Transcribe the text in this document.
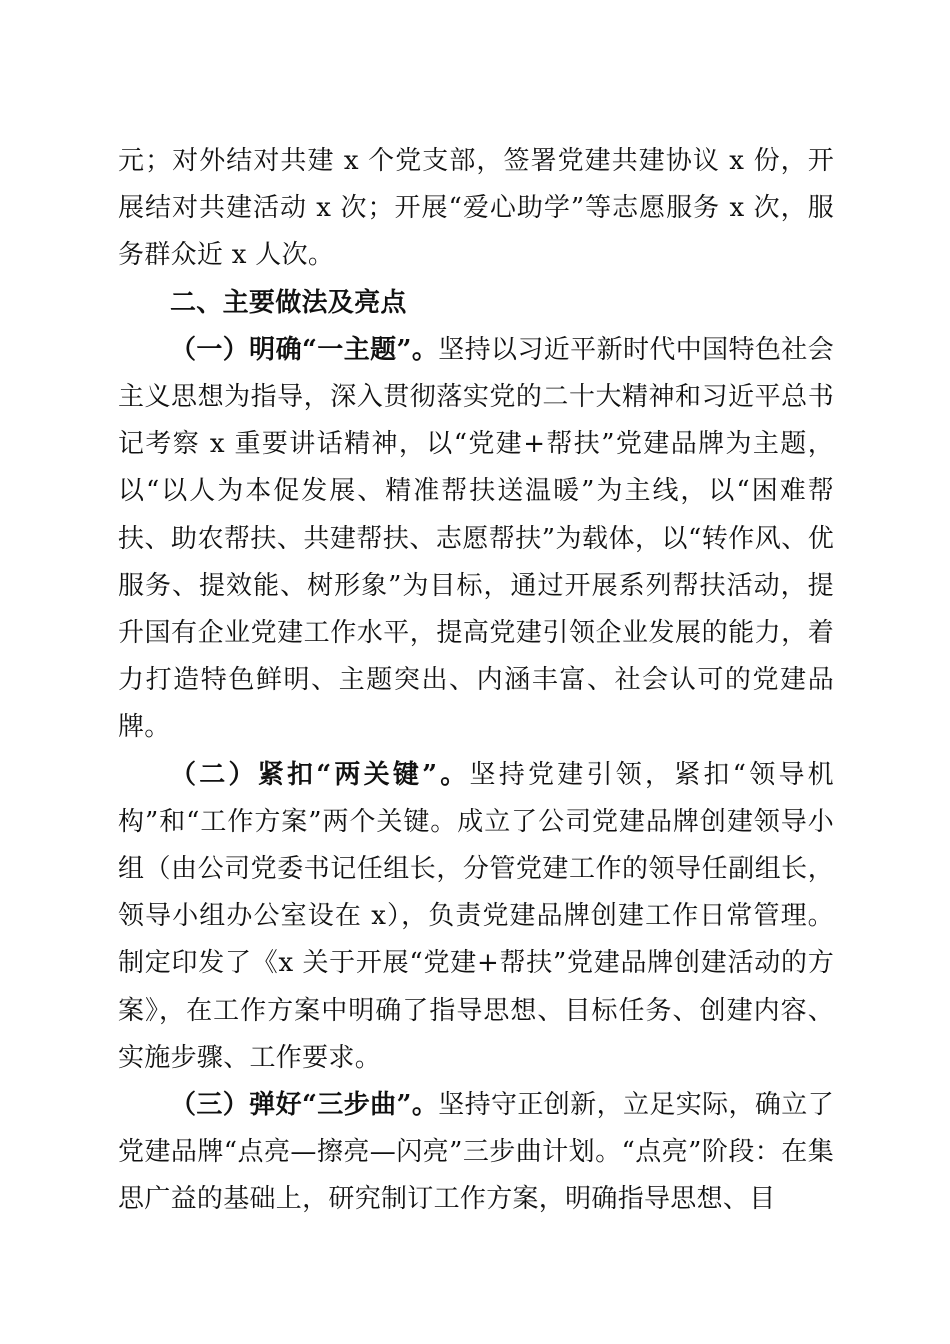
元；对外结对共建 x 个党支部，签署党建共建协议 x 份，开展结对共建活动 x 次；开展“爱心助学”等志愿服务 x 次，服务群众近 x 人次。

二、主要做法及亮点

（一）明确“一主题”。坚持以习近平新时代中国特色社会主义思想为指导，深入贯彻落实党的二十大精神和习近平总书记考察 x 重要讲话精神，以“党建+帮扶”党建品牌为主题，以“以人为本促发展、精准帮扶送温暖”为主线，以“困难帮扶、助农帮扶、共建帮扶、志愿帮扶”为载体，以“转作风、优服务、提效能、树形象”为目标，通过开展系列帮扶活动，提升国有企业党建工作水平，提高党建引领企业发展的能力，着力打造特色鲜明、主题突出、内涵丰富、社会认可的党建品牌。

（二）紧扣“两关键”。坚持党建引领，紧扣“领导机构”和“工作方案”两个关键。成立了公司党建品牌创建领导小组（由公司党委书记任组长，分管党建工作的领导任副组长，领导小组办公室设在 x），负责党建品牌创建工作日常管理。制定印发了《x 关于开展“党建+帮扶”党建品牌创建活动的方案》，在工作方案中明确了指导思想、目标任务、创建内容、实施步骤、工作要求。

（三）弹好“三步曲”。坚持守正创新，立足实际，确立了党建品牌“点亮—擦亮—闪亮”三步曲计划。“点亮”阶段：在集思广益的基础上，研究制订工作方案，明确指导思想、目
